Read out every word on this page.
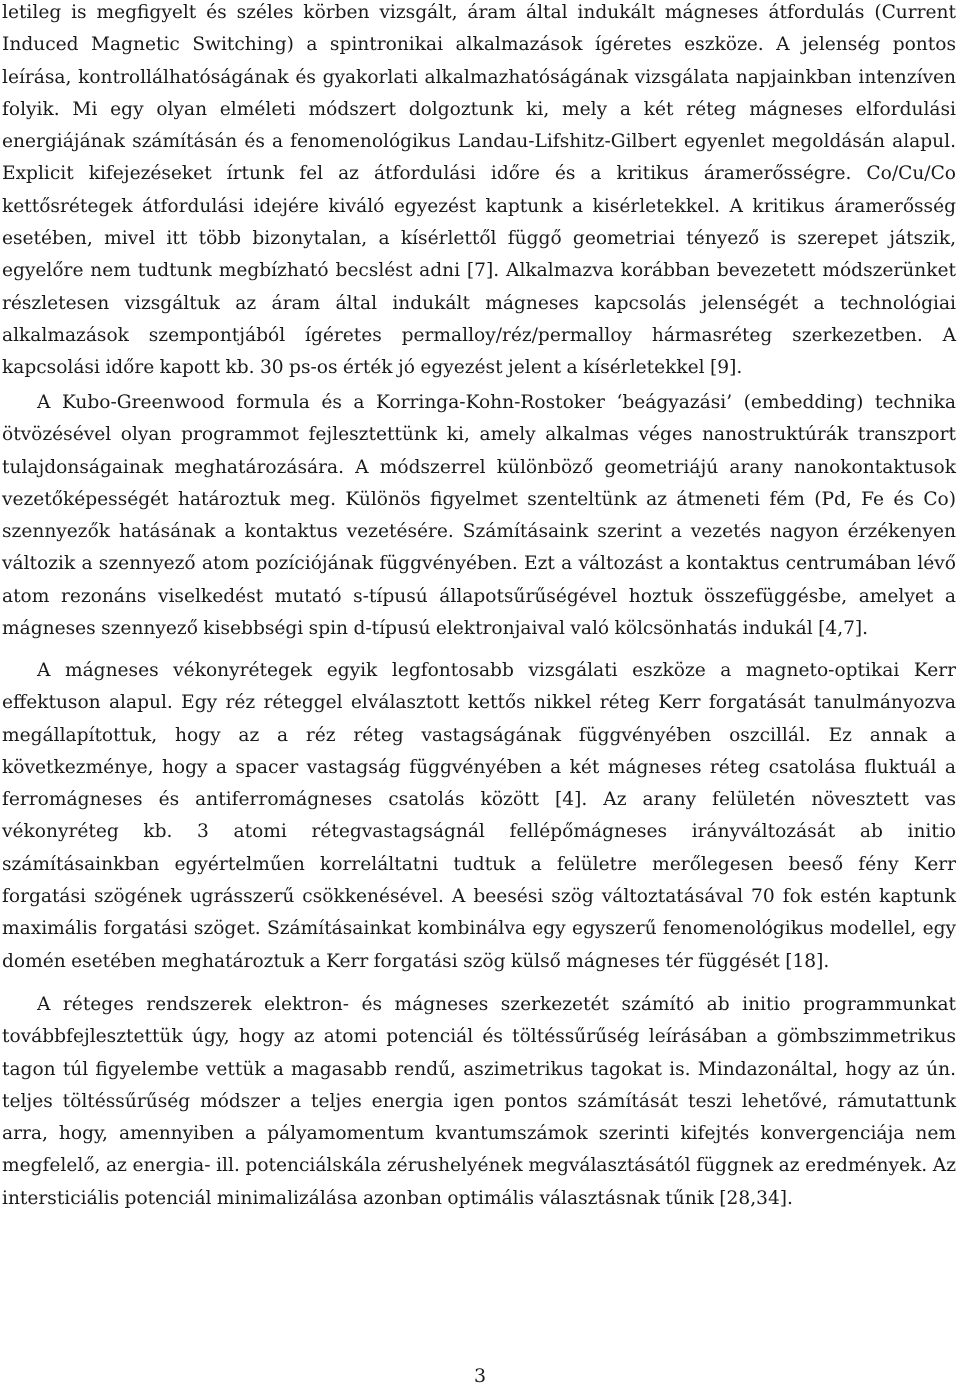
letileg is megfigyelt és széles körben vizsgált, áram által indukált mágneses átfordulás (Current Induced Magnetic Switching) a spintronikai alkalmazások ígéretes eszköze. A jelenség pontos leírása, kontrollálhatóságának és gyakorlati alkalmazhatóságának vizsgálata napjainkban intenzíven folyik. Mi egy olyan elméleti módszert dolgoztunk ki, mely a két réteg mágneses elfordulási energiájának számításán és a fenomenológikus Landau-Lifshitz-Gilbert egyenlet megoldásán alapul. Explicit kifejezéseket írtunk fel az átfordulási időre és a kritikus áramerősségre. Co/Cu/Co kettősrétegek átfordulási idejére kiváló egyezést kaptunk a kisérletekkel. A kritikus áramerősség esetében, mivel itt több bizonytalan, a kísérlettől függő geometriai tényező is szerepet játszik, egyelőre nem tudtunk megbízható becslést adni [7]. Alkalmazva korábban bevezetett módszerünket részletesen vizsgáltuk az áram által indukált mágneses kapcsolás jelenségét a technológiai alkalmazások szempontjából ígéretes permalloy/réz/permalloy hármasréteg szerkezetben. A kapcsolási időre kapott kb. 30 ps-os érték jó egyezést jelent a kísérletekkel [9].

A Kubo-Greenwood formula és a Korringa-Kohn-Rostoker ‘beágyazási’ (embedding) technika ötvözésével olyan programmot fejlesztettünk ki, amely alkalmas véges nanostruktúrák transzport tulajdonságainak meghatározására. A módszerrel különböző geometriájú arany nanokontaktusok vezetőképességét határoztuk meg. Különös figyelmet szenteltünk az átmeneti fém (Pd, Fe és Co) szennyezők hatásának a kontaktus vezetésére. Számításaink szerint a vezetés nagyon érzékenyen változik a szennyező atom pozíciójának függvényében. Ezt a változást a kontaktus centrumában lévő atom rezonáns viselkedést mutató s-típusú állapotsűrűségével hoztuk összefüggésbe, amelyet a mágneses szennyező kisebbségi spin d-típusú elektronjaival való kölcsönhatás indukál [4,7].

A mágneses vékonyrétegek egyik legfontosabb vizsgálati eszköze a magneto-optikai Kerr effektuson alapul. Egy réz réteggel elválasztott kettős nikkel réteg Kerr forgatását tanulmányozva megállapítottuk, hogy az a réz réteg vastagságának függvényében oszcillál. Ez annak a következménye, hogy a spacer vastagság függvényében a két mágneses réteg csatolása fluktuál a ferromágneses és antiferromágneses csatolás között [4]. Az arany felületén növesztett vas vékonyréteg kb. 3 atomi rétegvastagságnál fellépőmágneses irányváltozását ab initio számításainkban egyértelműen korreláltatni tudtuk a felületre merőlegesen beeső fény Kerr forgatási szögének ugrásszerű csökkenésével. A beesési szög változtatásával 70 fok estén kaptunk maximális forgatási szöget. Számításainkat kombinálva egy egyszerű fenomenológikus modellel, egy domén esetében meghatároztuk a Kerr forgatási szög külső mágneses tér függését [18].

A réteges rendszerek elektron- és mágneses szerkezetét számító ab initio programmunkat továbbfejlesztettük úgy, hogy az atomi potenciál és töltéssűrűség leírásában a gömbszimmetrikus tagon túl figyelembe vettük a magasabb rendű, aszimetrikus tagokat is. Mindazonáltal, hogy az ún. teljes töltéssűrűség módszer a teljes energia igen pontos számítását teszi lehetővé, rámutattunk arra, hogy, amennyiben a pályamomentum kvantumszámok szerinti kifejtés konvergenciája nem megfelelő, az energia- ill. potenciálskála zérushelyének megválasztásától függnek az eredmények. Az intersticiális potenciál minimalizálása azonban optimális választásnak tűnik [28,34].

3
